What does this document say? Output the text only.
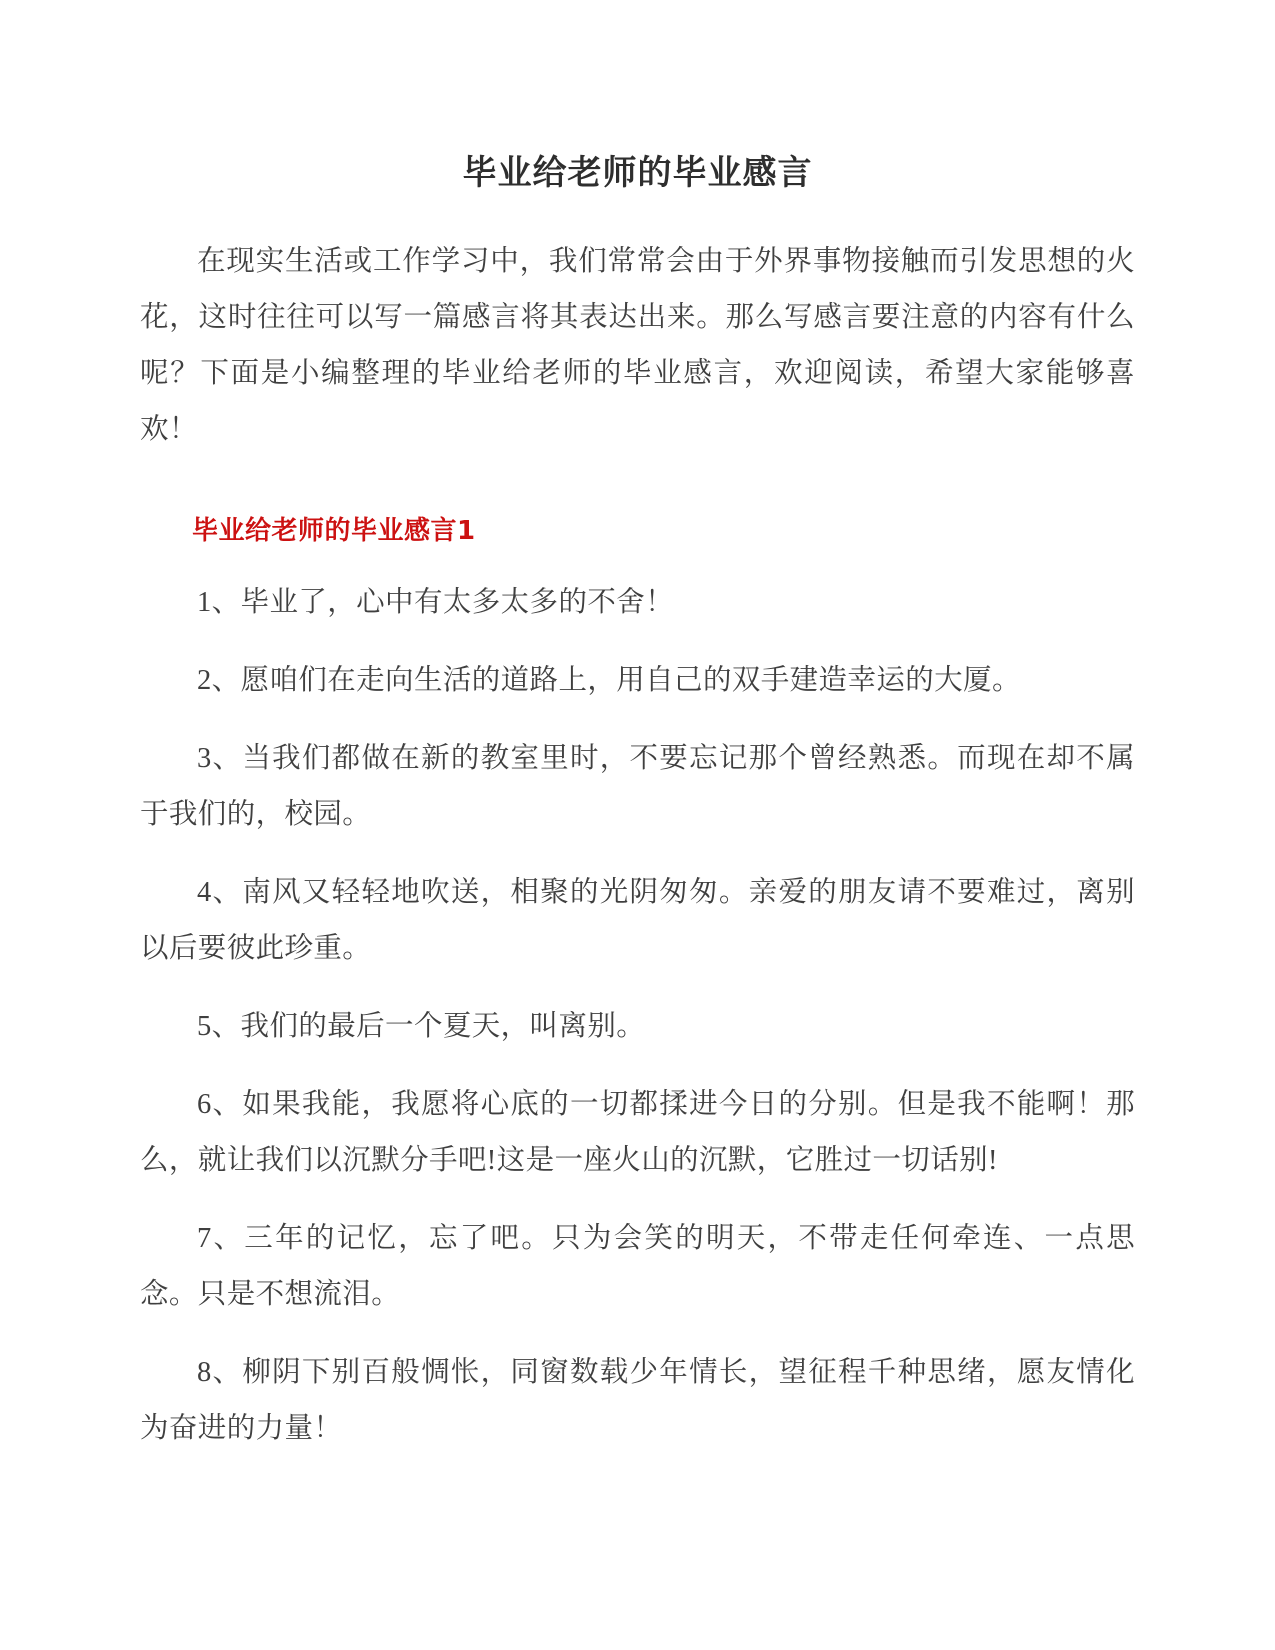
毕业给老师的毕业感言

在现实生活或工作学习中，我们常常会由于外界事物接触而引发思想的火花，这时往往可以写一篇感言将其表达出来。那么写感言要注意的内容有什么呢？下面是小编整理的毕业给老师的毕业感言，欢迎阅读，希望大家能够喜欢！

毕业给老师的毕业感言1
1、毕业了，心中有太多太多的不舍！
2、愿咱们在走向生活的道路上，用自己的双手建造幸运的大厦。
3、当我们都做在新的教室里时，不要忘记那个曾经熟悉。而现在却不属于我们的，校园。
4、南风又轻轻地吹送，相聚的光阴匆匆。亲爱的朋友请不要难过，离别以后要彼此珍重。
5、我们的最后一个夏天，叫离别。
6、如果我能，我愿将心底的一切都揉进今日的分别。但是我不能啊！那么，就让我们以沉默分手吧!这是一座火山的沉默，它胜过一切话别!
7、三年的记忆，忘了吧。只为会笑的明天，不带走任何牵连、一点思念。只是不想流泪。
8、柳阴下别百般惆怅，同窗数载少年情长，望征程千种思绪，愿友情化为奋进的力量！
